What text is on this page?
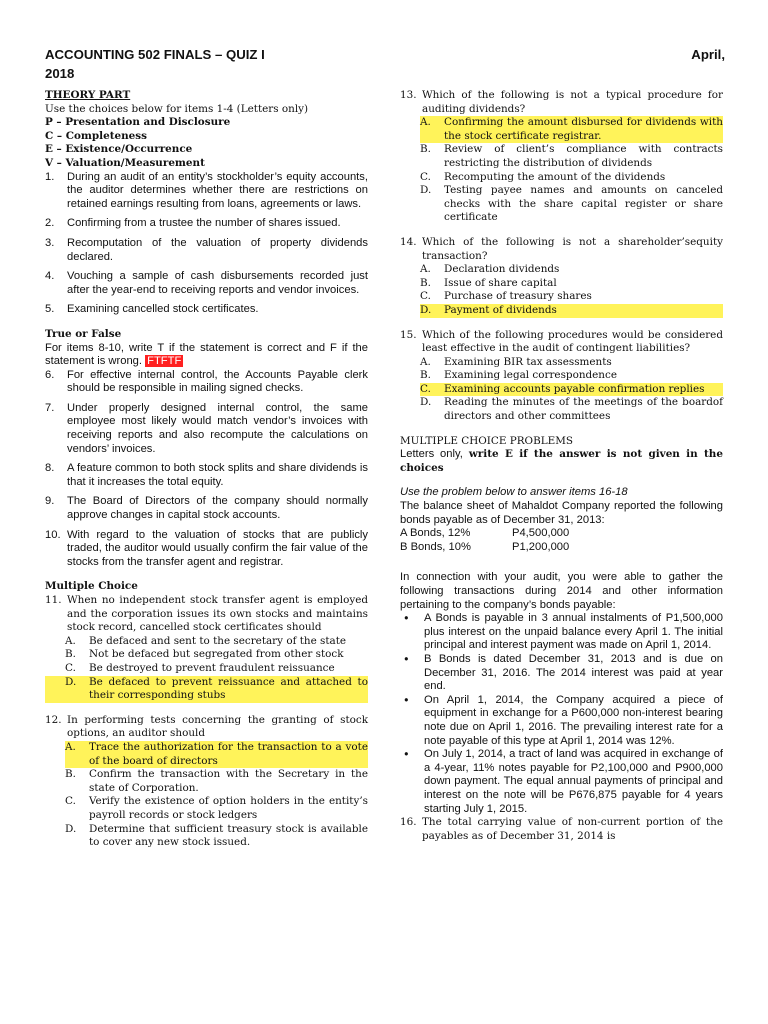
ACCOUNTING 502 FINALS – QUIZ I	April,
2018

THEORY PART

Use the choices below for items 1-4 (Letters only)

P – Presentation and Disclosure

C – Completeness

E – Existence/Occurrence

V – Valuation/Measurement

1. During an audit of an entity’s stockholder’s equity accounts, the auditor determines whether there are restrictions on retained earnings resulting from loans, agreements or laws.
2. Confirming from a trustee the number of shares issued.
3. Recomputation of the valuation of property dividends declared.
4. Vouching a sample of cash disbursements recorded just after the year-end to receiving reports and vendor invoices.
5. Examining cancelled stock certificates.

True or False

For items 8-10, write T if the statement is correct and F if the statement is wrong. FTFTF

6. For effective internal control, the Accounts Payable clerk should be responsible in mailing signed checks.
7. Under properly designed internal control, the same employee most likely would match vendor’s invoices with receiving reports and also recompute the calculations on vendors’ invoices.
8. A feature common to both stock splits and share dividends is that it increases the total equity.
9. The Board of Directors of the company should normally approve changes in capital stock accounts.
10. With regard to the valuation of stocks that are publicly traded, the auditor would usually confirm the fair value of the stocks from the transfer agent and registrar.

Multiple Choice

11. When no independent stock transfer agent is employed and the corporation issues its own stocks and maintains stock record, cancelled stock certificates should
A. Be defaced and sent to the secretary of the state
B. Not be defaced but segregated from other stock
C. Be destroyed to prevent fraudulent reissuance
D. Be defaced to prevent reissuance and attached to their corresponding stubs
12. In performing tests concerning the granting of stock options, an auditor should
A. Trace the authorization for the transaction to a vote of the board of directors
B. Confirm the transaction with the Secretary in the state of Corporation.
C. Verify the existence of option holders in the entity’s payroll records or stock ledgers
D. Determine that sufficient treasury stock is available to cover any new stock issued.
13. Which of the following is not a typical procedure for auditing dividends?
A. Confirming the amount disbursed for dividends with the stock certificate registrar.
B. Review of client’s compliance with contracts restricting the distribution of dividends
C. Recomputing the amount of the dividends
D. Testing payee names and amounts on canceled checks with the share capital register or share certificate
14. Which of the following is not a shareholder’sequity transaction?
A. Declaration dividends
B. Issue of share capital
C. Purchase of treasury shares
D. Payment of dividends
15. Which of the following procedures would be considered least effective in the audit of contingent liabilities?
A. Examining BIR tax assessments
B. Examining legal correspondence
C. Examining accounts payable confirmation replies
D. Reading the minutes of the meetings of the boardof directors and other committees

MULTIPLE CHOICE PROBLEMS

Letters only, write E if the answer is not given in the choices

Use the problem below to answer items 16-18

The balance sheet of Mahaldot Company reported the following bonds payable as of December 31, 2013:

A Bonds, 12%	P4,500,000
B Bonds, 10%	P1,200,000

In connection with your audit, you were able to gather the following transactions during 2014 and other information pertaining to the company’s bonds payable:

• A Bonds is payable in 3 annual instalments of P1,500,000 plus interest on the unpaid balance every April 1. The initial principal and interest payment was made on April 1, 2014.
• B Bonds is dated December 31, 2013 and is due on December 31, 2016. The 2014 interest was paid at year end.
• On April 1, 2014, the Company acquired a piece of equipment in exchange for a P600,000 non-interest bearing note due on April 1, 2016. The prevailing interest rate for a note payable of this type at April 1, 2014 was 12%.
• On July 1, 2014, a tract of land was acquired in exchange of a 4-year, 11% notes payable for P2,100,000 and P900,000 down payment. The equal annual payments of principal and interest on the note will be P676,875 payable for 4 years starting July 1, 2015.
16. The total carrying value of non-current portion of the payables as of December 31, 2014 is
